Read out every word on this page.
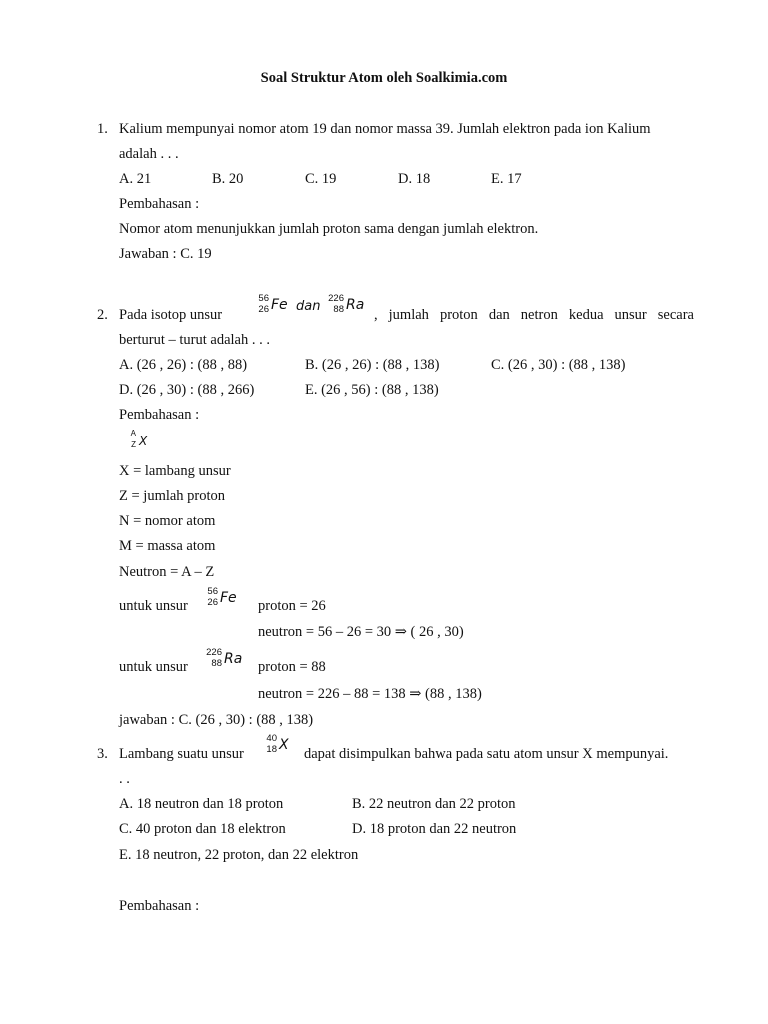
Soal Struktur Atom oleh Soalkimia.com
1. Kalium mempunyai nomor atom 19 dan nomor massa 39. Jumlah elektron pada ion Kalium
adalah . . .
A. 21	B. 20	C. 19	D. 18	E. 17
Pembahasan :
Nomor atom menunjukkan jumlah proton sama dengan jumlah elektron.
Jawaban : C. 19
2. Pada isotop unsur
56
26 Fe dan
226
88 Ra
, jumlah proton dan netron kedua unsur secara
berturut – turut adalah . . .
A. (26 , 26) : (88 , 88)	B. (26 , 26) : (88 , 138)	C. (26 , 30) : (88 , 138)
D. (26 , 30) : (88 , 266)	E. (26 , 56) : (88 , 138)
Pembahasan :
A
Z X
X = lambang unsur
Z = jumlah proton
N = nomor atom
M = massa atom
Neutron = A – Z
untuk unsur
56
26 Fe proton = 26
neutron = 56 – 26 = 30 ⇒ ( 26 , 30)
untuk unsur
226
88 Ra proton = 88
neutron = 226 – 88 = 138 ⇒ (88 , 138)
jawaban : C. (26 , 30) : (88 , 138)
3. Lambang suatu unsur
40
18 X
dapat disimpulkan bahwa pada satu atom unsur X mempunyai.
. .
A. 18 neutron dan 18 proton	B. 22 neutron dan 22 proton
C. 40 proton dan 18 elektron	D. 18 proton dan 22 neutron
E. 18 neutron, 22 proton, dan 22 elektron
Pembahasan :
